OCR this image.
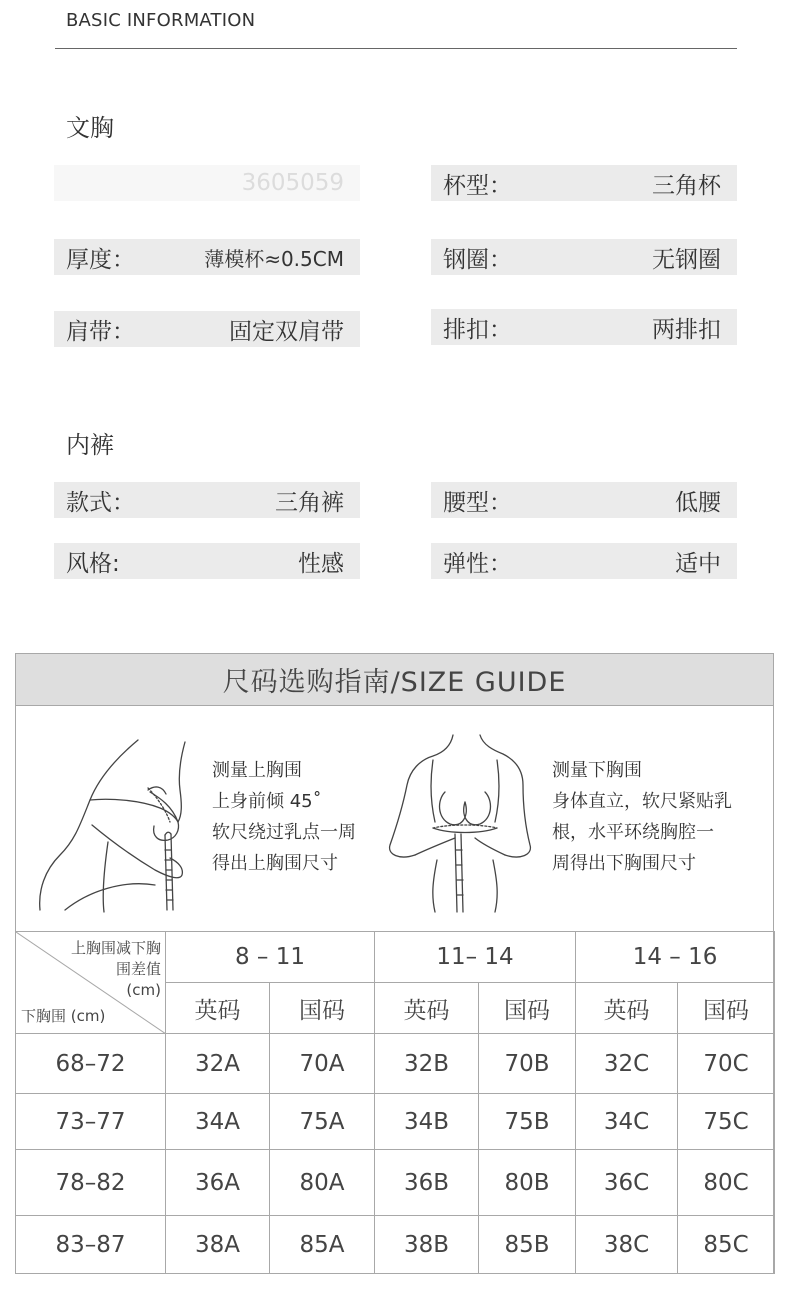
BASIC INFORMATION
文胸
3605059	杯型：	三角杯
厚度：	薄模杯≈0.5CM	钢圈：	无钢圈
肩带：	固定双肩带	排扣：	两排扣
内裤
款式：	三角裤	腰型：	低腰
风格:	性感	弹性：	适中
尺码选购指南/SIZE GUIDE
测量上胸围
上身前倾 45˚
软尺绕过乳点一周
得出上胸围尺寸
测量下胸围
身体直立，软尺紧贴乳
根，水平环绕胸腔一
周得出下胸围尺寸
上胸围减下胸
围差值
(cm)
下胸围 (cm)	8 – 11		11– 14		14 – 16	
	英码	国码	英码	国码	英码	国码
68–72	32A	70A	32B	70B	32C	70C
73–77	34A	75A	34B	75B	34C	75C
78–82	36A	80A	36B	80B	36C	80C
83–87	38A	85A	38B	85B	38C	85C
